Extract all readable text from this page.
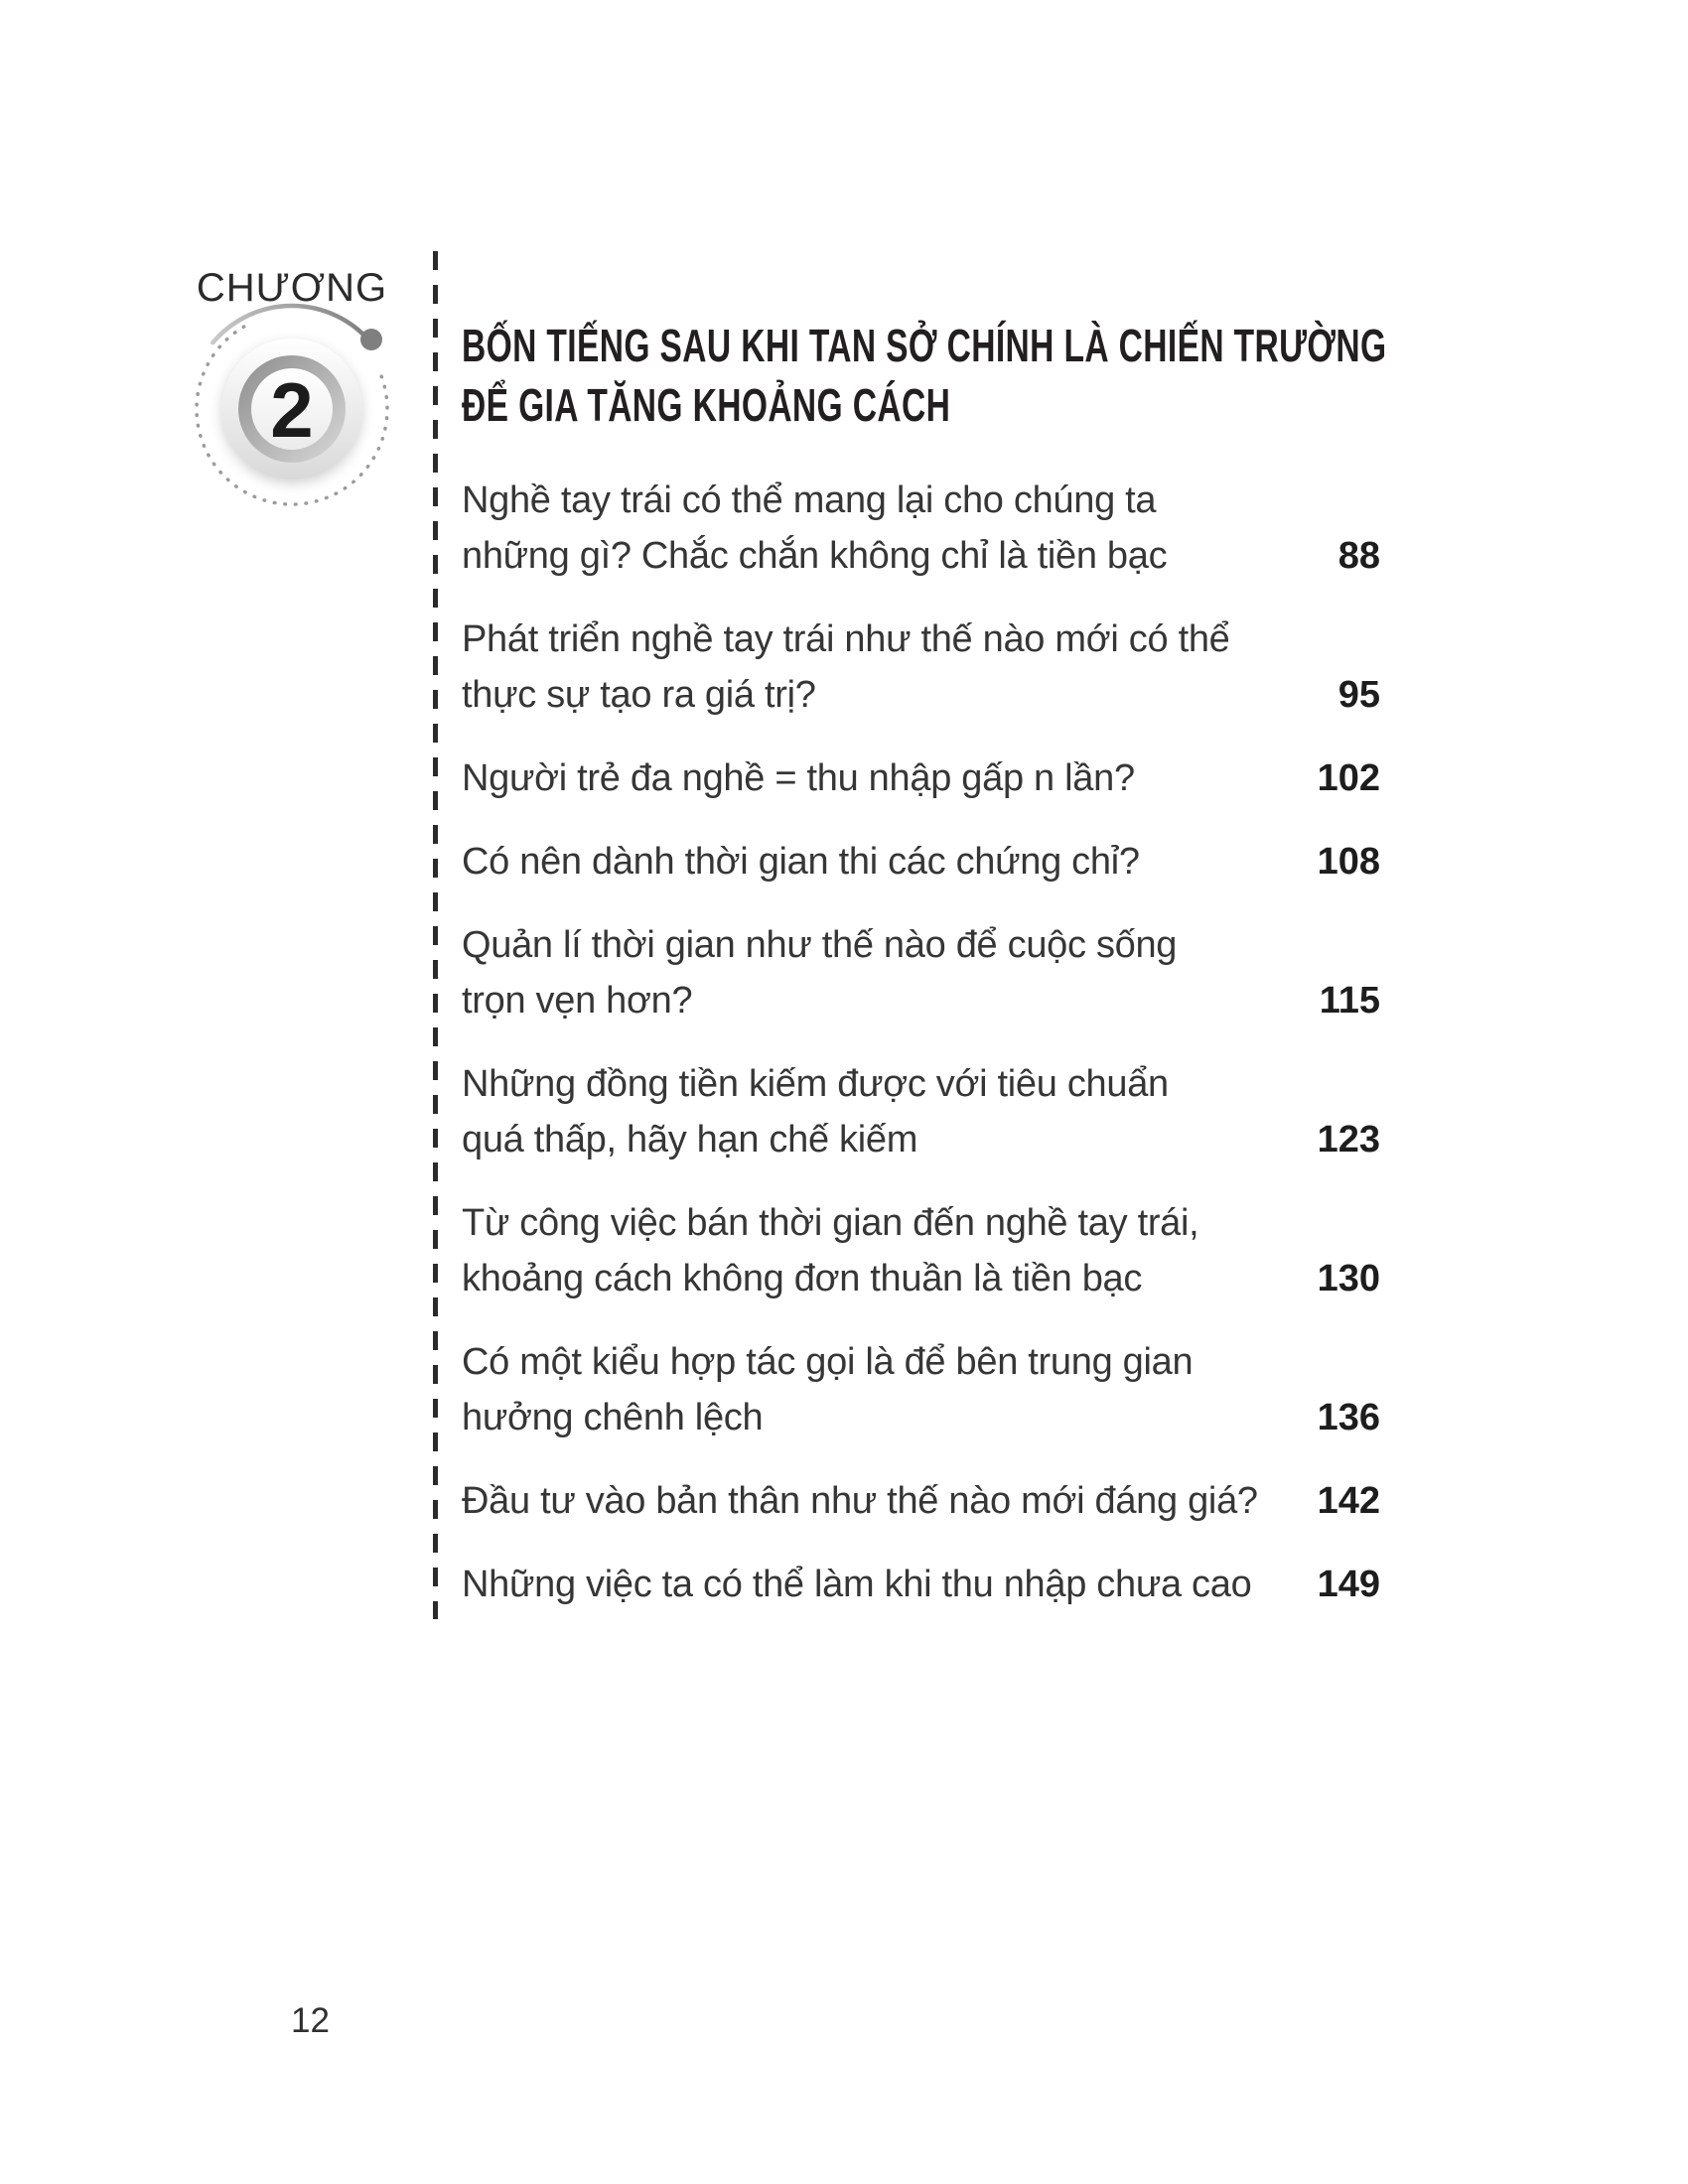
CHƯƠNG
2
BỐN TIẾNG SAU KHI TAN SỞ CHÍNH LÀ CHIẾN TRƯỜNG
ĐỂ GIA TĂNG KHOẢNG CÁCH
Nghề tay trái có thể mang lại cho chúng ta
những gì? Chắc chắn không chỉ là tiền bạc	88
Phát triển nghề tay trái như thế nào mới có thể
thực sự tạo ra giá trị?	95
Người trẻ đa nghề = thu nhập gấp n lần?	102
Có nên dành thời gian thi các chứng chỉ?	108
Quản lí thời gian như thế nào để cuộc sống
trọn vẹn hơn?	115
Những đồng tiền kiếm được với tiêu chuẩn
quá thấp, hãy hạn chế kiếm	123
Từ công việc bán thời gian đến nghề tay trái,
khoảng cách không đơn thuần là tiền bạc	130
Có một kiểu hợp tác gọi là để bên trung gian
hưởng chênh lệch	136
Đầu tư vào bản thân như thế nào mới đáng giá?	142
Những việc ta có thể làm khi thu nhập chưa cao	149
12
